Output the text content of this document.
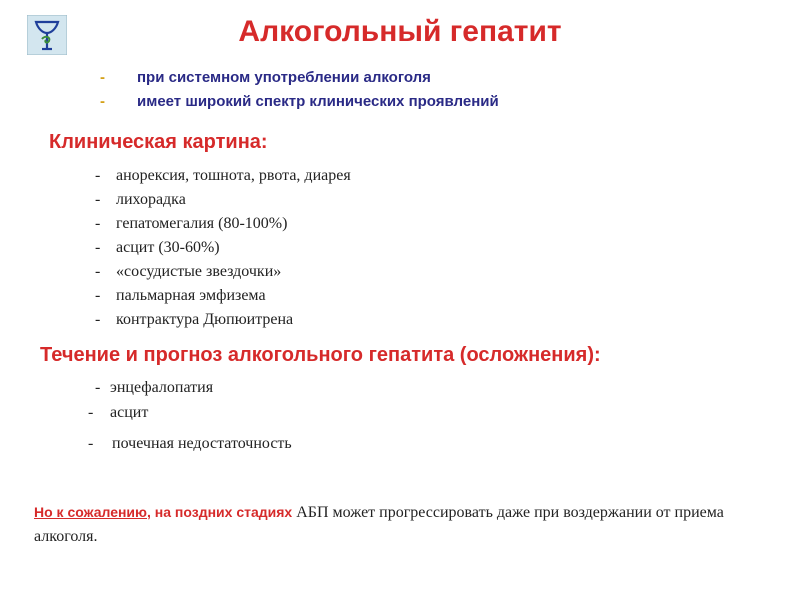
Алкогольный гепатит
- при системном употреблении алкоголя
- имеет широкий спектр клинических проявлений
Клиническая картина:
- анорексия, тошнота, рвота, диарея
- лихорадка
- гепатомегалия (80-100%)
- асцит (30-60%)
- «сосудистые звездочки»
- пальмарная эмфизема
- контрактура Дюпюитрена
Течение и прогноз алкогольного гепатита (осложнения):
- энцефалопатия
- асцит
- почечная недостаточность
Но к сожалению, на поздних стадиях АБП может прогрессировать даже при воздержании от приема алкоголя.
